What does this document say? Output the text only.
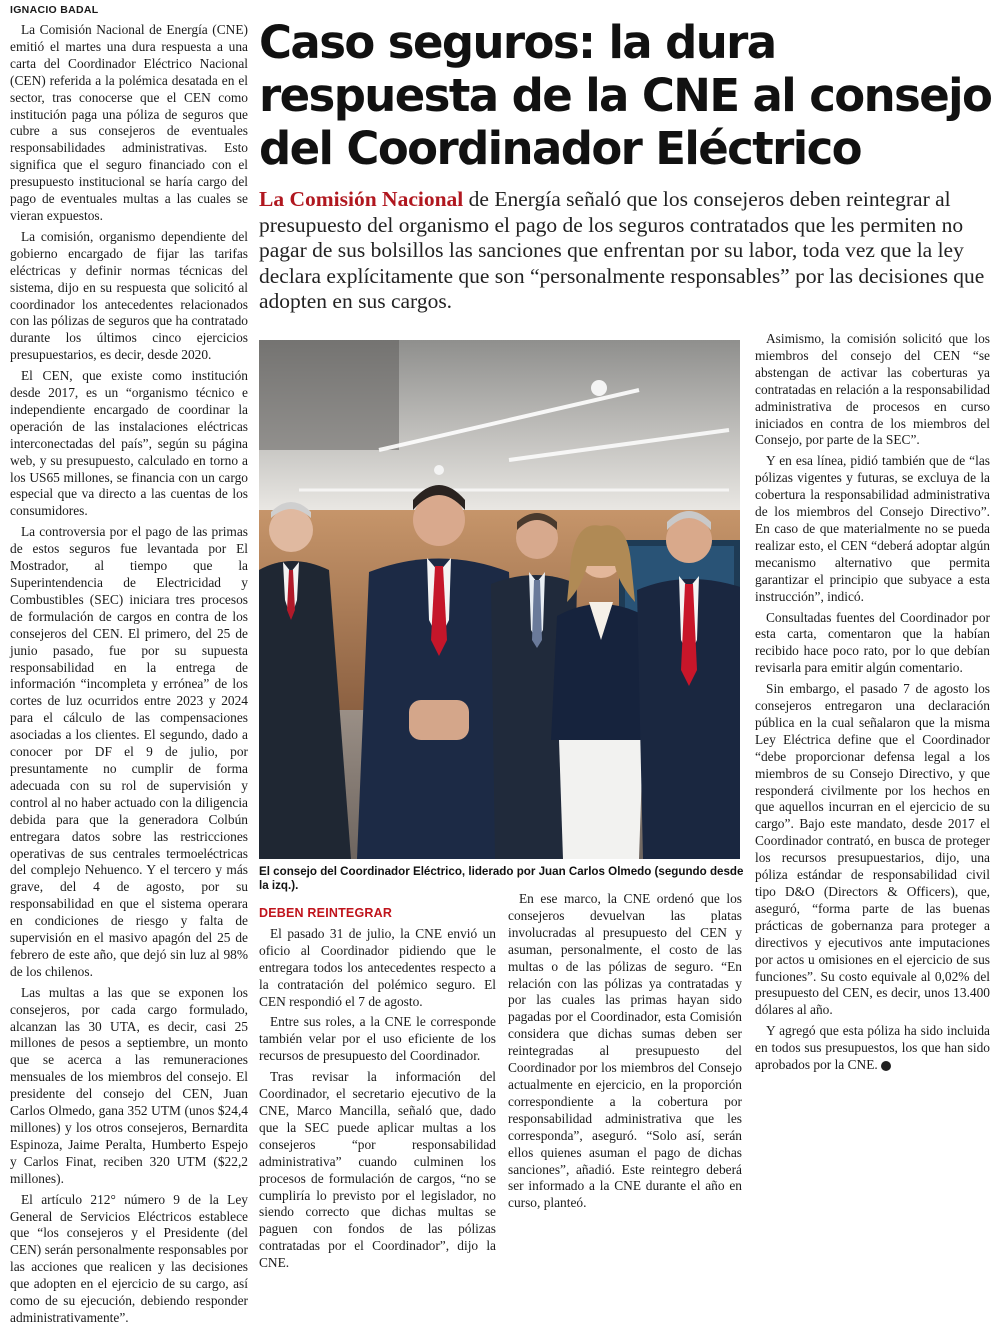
IGNACIO BADAL

La Comisión Nacional de Energía (CNE) emitió el martes una dura respuesta a una carta del Coordinador Eléctrico Nacional (CEN) referida a la polémica desatada en el sector, tras conocerse que el CEN como institución paga una póliza de seguros que cubre a sus consejeros de eventuales responsabilidades administrativas. Esto significa que el seguro financiado con el presupuesto institucional se haría cargo del pago de eventuales multas a las cuales se vieran expuestos.

La comisión, organismo dependiente del gobierno encargado de fijar las tarifas eléctricas y definir normas técnicas del sistema, dijo en su respuesta que solicitó al coordinador los antecedentes relacionados con las pólizas de seguros que ha contratado durante los últimos cinco ejercicios presupuestarios, es decir, desde 2020.

El CEN, que existe como institución desde 2017, es un “organismo técnico e independiente encargado de coordinar la operación de las instalaciones eléctricas interconectadas del país”, según su página web, y su presupuesto, calculado en torno a los US65 millones, se financia con un cargo especial que va directo a las cuentas de los consumidores.

La controversia por el pago de las primas de estos seguros fue levantada por El Mostrador, al tiempo que la Superintendencia de Electricidad y Combustibles (SEC) iniciara tres procesos de formulación de cargos en contra de los consejeros del CEN. El primero, del 25 de junio pasado, fue por su supuesta responsabilidad en la entrega de información “incompleta y errónea” de los cortes de luz ocurridos entre 2023 y 2024 para el cálculo de las compensaciones asociadas a los clientes. El segundo, dado a conocer por DF el 9 de julio, por presuntamente no cumplir de forma adecuada con su rol de supervisión y control al no haber actuado con la diligencia debida para que la generadora Colbún entregara datos sobre las restricciones operativas de sus centrales termoeléctricas del complejo Nehuenco. Y el tercero y más grave, del 4 de agosto, por su responsabilidad en que el sistema operara en condiciones de riesgo y falta de supervisión en el masivo apagón del 25 de febrero de este año, que dejó sin luz al 98% de los chilenos.

Las multas a las que se exponen los consejeros, por cada cargo formulado, alcanzan las 30 UTA, es decir, casi 25 millones de pesos a septiembre, un monto que se acerca a las remuneraciones mensuales de los miembros del consejo. El presidente del consejo del CEN, Juan Carlos Olmedo, gana 352 UTM (unos $24,4 millones) y los otros consejeros, Bernardita Espinoza, Jaime Peralta, Humberto Espejo y Carlos Finat, reciben 320 UTM ($22,2 millones).

El artículo 212° número 9 de la Ley General de Servicios Eléctricos establece que “los consejeros y el Presidente (del CEN) serán personalmente responsables por las acciones que realicen y las decisiones que adopten en el ejercicio de su cargo, así como de su ejecución, debiendo responder administrativamente”.

Caso seguros: la dura respuesta de la CNE al consejo del Coordinador Eléctrico

La Comisión Nacional de Energía señaló que los consejeros deben reintegrar al presupuesto del organismo el pago de los seguros contratados que les permiten no pagar de sus bolsillos las sanciones que enfrentan por su labor, toda vez que la ley declara explícitamente que son “personalmente responsables” por las decisiones que adopten en sus cargos.

El consejo del Coordinador Eléctrico, liderado por Juan Carlos Olmedo (segundo desde la izq.).

DEBEN REINTEGRAR

El pasado 31 de julio, la CNE envió un oficio al Coordinador pidiendo que le entregara todos los antecedentes respecto a la contratación del polémico seguro. El CEN respondió el 7 de agosto.

Entre sus roles, a la CNE le corresponde también velar por el uso eficiente de los recursos de presupuesto del Coordinador.

Tras revisar la información del Coordinador, el secretario ejecutivo de la CNE, Marco Mancilla, señaló que, dado que la SEC puede aplicar multas a los consejeros “por responsabilidad administrativa” cuando culminen los procesos de formulación de cargos, “no se cumpliría lo previsto por el legislador, no siendo correcto que dichas multas se paguen con fondos de las pólizas contratadas por el Coordinador”, dijo la CNE.

En ese marco, la CNE ordenó que los consejeros devuelvan las platas involucradas al presupuesto del CEN y asuman, personalmente, el costo de las multas o de las pólizas de seguro. “En relación con las pólizas ya contratadas y por las cuales las primas hayan sido pagadas por el Coordinador, esta Comisión considera que dichas sumas deben ser reintegradas al presupuesto del Coordinador por los miembros del Consejo actualmente en ejercicio, en la proporción correspondiente a la cobertura por responsabilidad administrativa que les corresponda”, aseguró. “Solo así, serán ellos quienes asuman el pago de dichas sanciones”, añadió. Este reintegro deberá ser informado a la CNE durante el año en curso, planteó.

Asimismo, la comisión solicitó que los miembros del consejo del CEN “se abstengan de activar las coberturas ya contratadas en relación a la responsabilidad administrativa de procesos en curso iniciados en contra de los miembros del Consejo, por parte de la SEC”.

Y en esa línea, pidió también que de “las pólizas vigentes y futuras, se excluya de la cobertura la responsabilidad administrativa de los miembros del Consejo Directivo”. En caso de que materialmente no se pueda realizar esto, el CEN “deberá adoptar algún mecanismo alternativo que permita garantizar el principio que subyace a esta instrucción”, indicó.

Consultadas fuentes del Coordinador por esta carta, comentaron que la habían recibido hace poco rato, por lo que debían revisarla para emitir algún comentario.

Sin embargo, el pasado 7 de agosto los consejeros entregaron una declaración pública en la cual señalaron que la misma Ley Eléctrica define que el Coordinador “debe proporcionar defensa legal a los miembros de su Consejo Directivo, y que responderá civilmente por los hechos en que aquellos incurran en el ejercicio de su cargo”. Bajo este mandato, desde 2017 el Coordinador contrató, en busca de proteger los recursos presupuestarios, dijo, una póliza estándar de responsabilidad civil tipo D&O (Directors & Officers), que, aseguró, “forma parte de las buenas prácticas de gobernanza para proteger a directivos y ejecutivos ante imputaciones por actos u omisiones en el ejercicio de sus funciones”. Su costo equivale al 0,02% del presupuesto del CEN, es decir, unos 13.400 dólares al año.

Y agregó que esta póliza ha sido incluida en todos sus presupuestos, los que han sido aprobados por la CNE. ●
